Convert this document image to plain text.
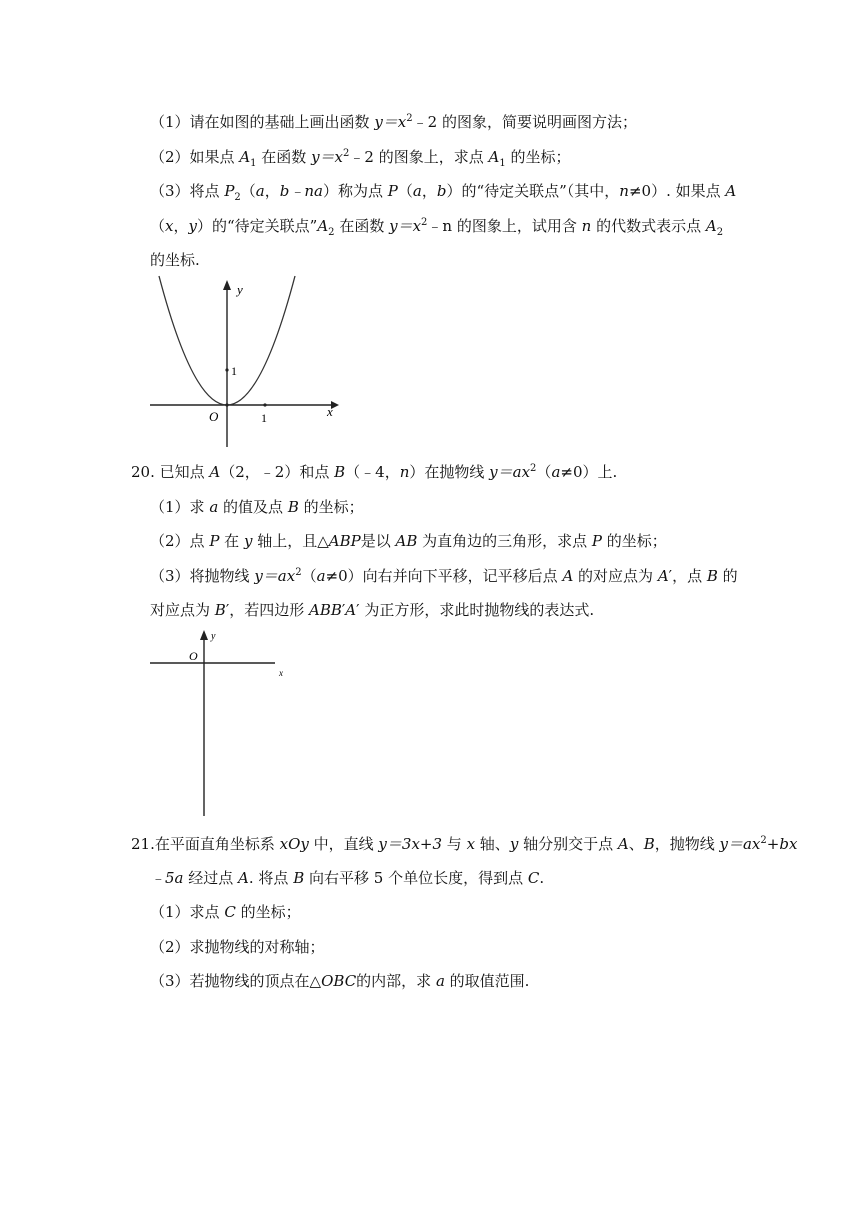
（1）请在如图的基础上画出函数 $y=x^2﹣2$ 的图象，简要说明画图方法；
（2）如果点 $A_1$ 在函数 $y=x^2﹣2$ 的图象上，求点 $A_1$ 的坐标；
（3）将点 $P_2(a$，b﹣na）称为点 P（a，b）的“待定关联点”（其中，n≠0）. 如果点 A
（x，y）的“待定关联点$”A_2$ 在函数 $y=x^2﹣n$ 的图象上，试用含 n 的代数式表示点 $A_2$
的坐标.
y
x
O	1
1
20. 已知点 A（2，﹣2）和点 B（﹣4，n）在抛物线 $y=ax^2(a\ne 0)$上.
（1）求 a 的值及点 B 的坐标；
（2）点 P 在 y 轴上，且△ABP是以 AB 为直角边的三角形，求点 P 的坐标；
（3）将抛物线 $y=ax^2(a\ne 0)$向右并向下平移，记平移后点 A 的对应点为 A′，点 B 的
对应点为 B′，若四边形 ABB′A′ 为正方形，求此时抛物线的表达式.
y
x
O
21.在平面直角坐标系 xOy 中，直线 y＝3x+3 与 x 轴、y 轴分别交于点 A、B，抛物线 $y=ax^2+bx$
﹣5a 经过点 A. 将点 B 向右平移 5 个单位长度，得到点 C.
（1）求点 C 的坐标；
（2）求抛物线的对称轴；
（3）若抛物线的顶点在△OBC的内部，求 a 的取值范围.
